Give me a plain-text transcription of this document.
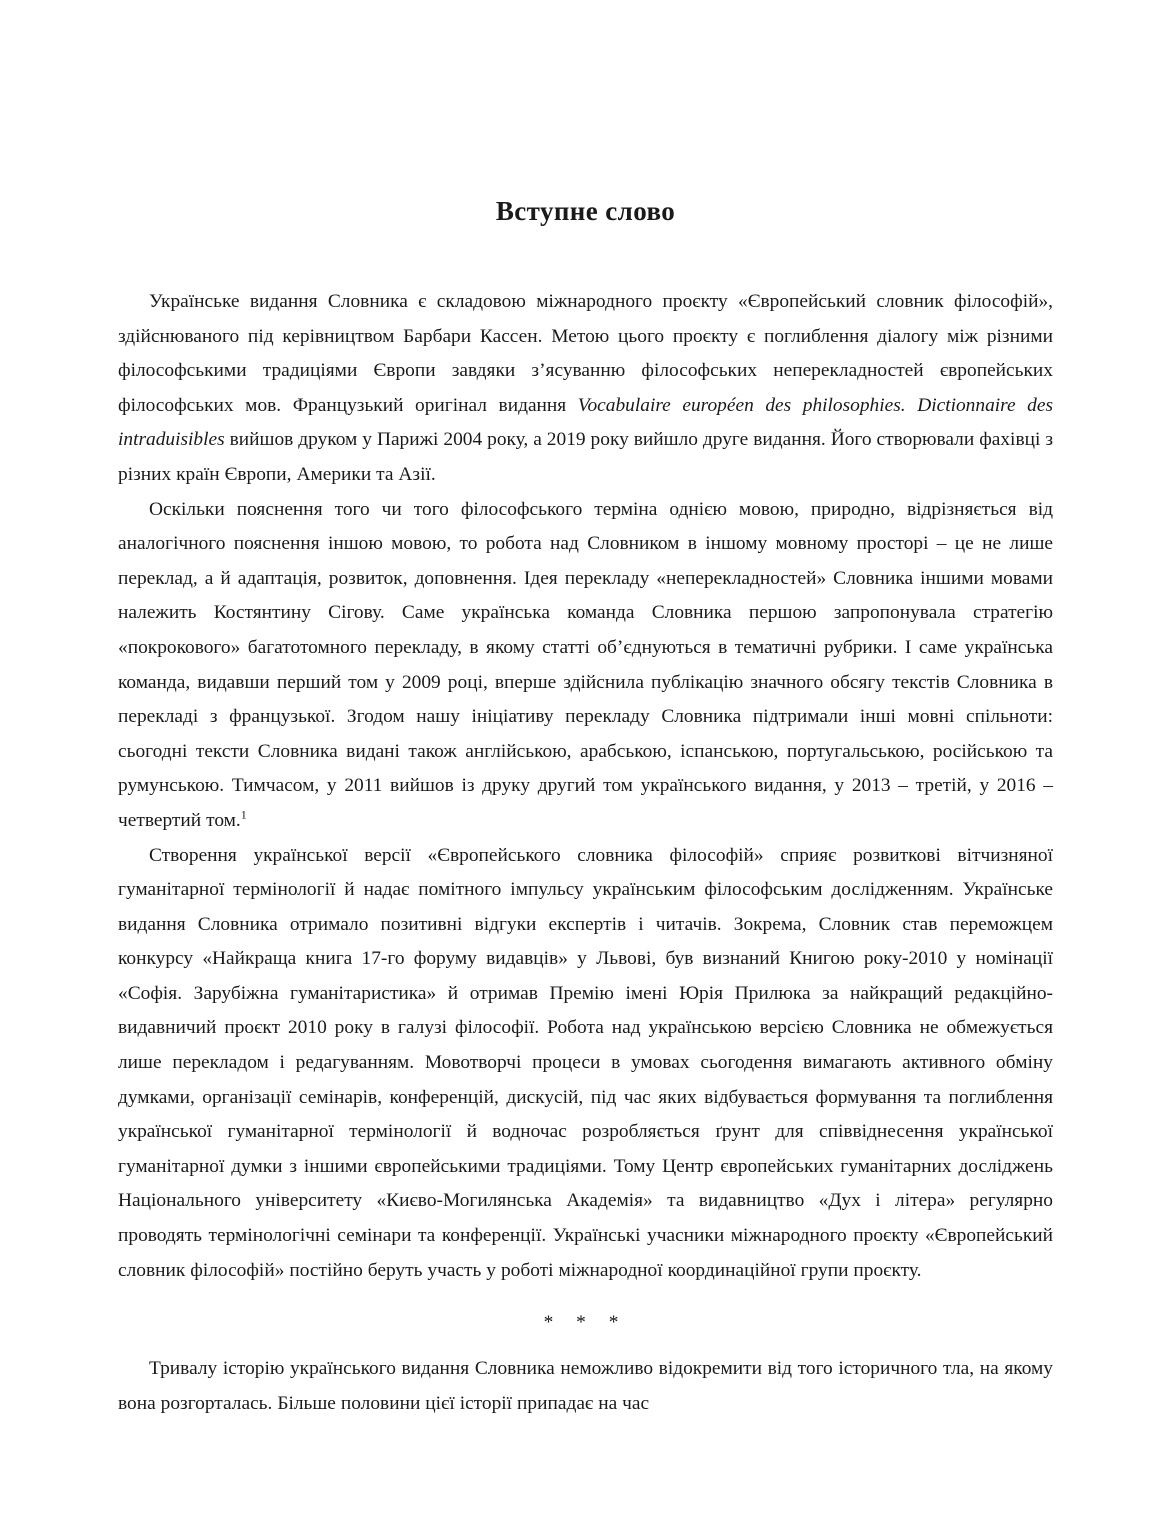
Вступне слово

Українське видання Словника є складовою міжнародного проєкту «Європейський словник філософій», здійснюваного під керівництвом Барбари Кассен. Метою цього проєкту є поглиблення діалогу між різними філософськими традиціями Європи завдяки з’ясуванню філософських неперекладностей європейських філософських мов. Французький оригінал видання Vocabulaire européen des philosophies. Dictionnaire des intraduisibles вийшов друком у Парижі 2004 року, а 2019 року вийшло друге видання. Його створювали фахівці з різних країн Європи, Америки та Азії.

Оскільки пояснення того чи того філософського терміна однією мовою, природно, відрізняється від аналогічного пояснення іншою мовою, то робота над Словником в іншому мовному просторі – це не лише переклад, а й адаптація, розвиток, доповнення. Ідея перекладу «неперекладностей» Словника іншими мовами належить Костянтину Сігову. Саме українська команда Словника першою запропонувала стратегію «покрокового» багатотомного перекладу, в якому статті об’єднуються в тематичні рубрики. І саме українська команда, видавши перший том у 2009 році, вперше здійснила публікацію значного обсягу текстів Словника в перекладі з французької. Згодом нашу ініціативу перекладу Словника підтримали інші мовні спільноти: сьогодні тексти Словника видані також англійською, арабською, іспанською, португальською, російською та румунською. Тимчасом, у 2011 вийшов із друку другий том українського видання, у 2013 – третій, у 2016 – четвертий том.$^1$

Створення української версії «Європейського словника філософій» сприяє розвиткові вітчизняної гуманітарної термінології й надає помітного імпульсу українським філософським дослідженням. Українське видання Словника отримало позитивні відгуки експертів і читачів. Зокрема, Словник став переможцем конкурсу «Найкраща книга 17-го форуму видавців» у Львові, був визнаний Книгою року-2010 у номінації «Софія. Зарубіжна гуманітаристика» й отримав Премію імені Юрія Прилюка за найкращий редакційно-видавничий проєкт 2010 року в галузі філософії. Робота над українською версією Словника не обмежується лише перекладом і редагуванням. Мовотворчі процеси в умовах сьогодення вимагають активного обміну думками, організації семінарів, конференцій, дискусій, під час яких відбувається формування та поглиблення української гуманітарної термінології й водночас розробляється ґрунт для співвіднесення української гуманітарної думки з іншими європейськими традиціями. Тому Центр європейських гуманітарних досліджень Національного університету «Києво-Могилянська Академія» та видавництво «Дух і літера» регулярно проводять термінологічні семінари та конференції. Українські учасники міжнародного проєкту «Європейський словник філософій» постійно беруть участь у роботі міжнародної координаційної групи проєкту.

* * *

Тривалу історію українського видання Словника неможливо відокремити від того історичного тла, на якому вона розгорталась. Більше половини цієї історії припадає на час
